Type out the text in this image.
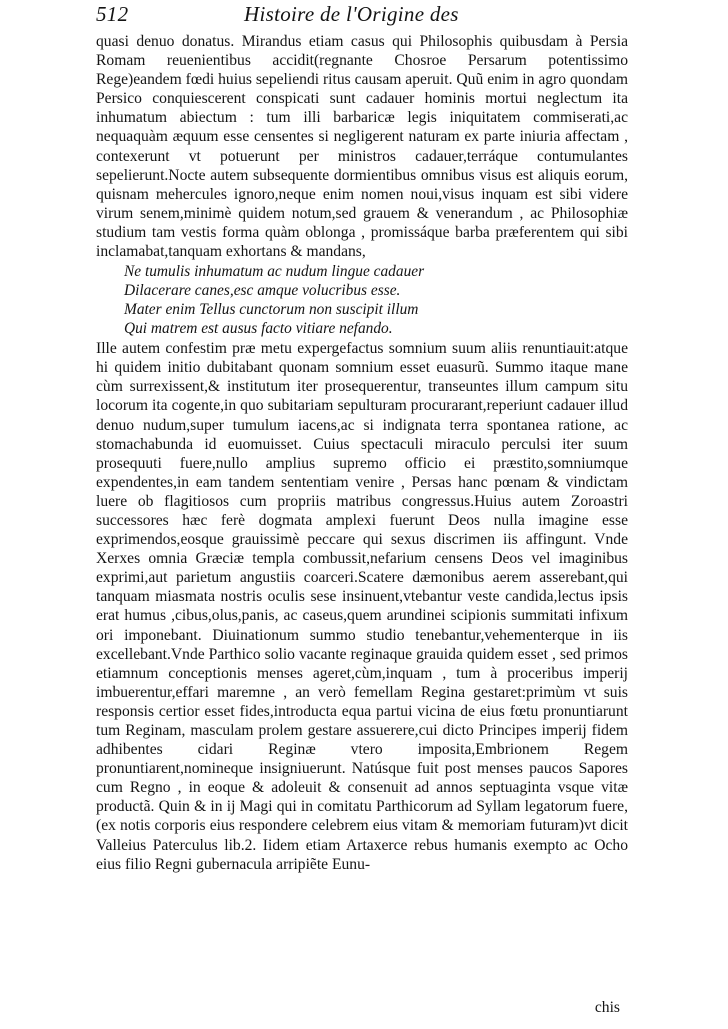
512	Histoire de l'Origine des

quasi denuo donatus. Mirandus etiam casus qui Philosophis quibusdam à Persia Romam reuenientibus accidit(regnante Chosroe Persarum potentissimo Rege)eandem fœdi huius sepeliendi ritus causam aperuit. Quũ enim in agro quondam Persico conquiescerent conspicati sunt cadauer hominis mortui neglectum ita inhumatum abiectum : tum illi barbaricæ legis iniquitatem commiserati,ac nequaquàm æquum esse censentes si negligerent naturam ex parte iniuria affectam , contexerunt vt potuerunt per ministros cadauer,terráque contumulantes sepelierunt.Nocte autem subsequente dormientibus omnibus visus est aliquis eorum, quisnam mehercules ignoro,neque enim nomen noui,visus inquam est sibi videre virum senem,minimè quidem notum,sed grauem & venerandum , ac Philosophiæ studium tam vestis forma quàm oblonga , promissáque barba præferentem qui sibi inclamabat,tanquam exhortans & mandans,

Ne tumulis inhumatum ac nudum lingue cadauer
Dilacerare canes,esc amque volucribus esse.
Mater enim Tellus cunctorum non suscipit illum
Qui matrem est ausus facto vitiare nefando.

Ille autem confestim præ metu expergefactus somnium suum aliis renuntiauit:atque hi quidem initio dubitabant quonam somnium esset euasurũ. Summo itaque mane cùm surrexissent,& institutum iter prosequerentur, transeuntes illum campum situ locorum ita cogente,in quo subitariam sepulturam procurarant,reperiunt cadauer illud denuo nudum,super tumulum iacens,ac si indignata terra spontanea ratione, ac stomachabunda id euomuisset. Cuius spectaculi miraculo perculsi iter suum prosequuti fuere,nullo amplius supremo officio ei præstito,somniumque expendentes,in eam tandem sententiam venire , Persas hanc pœnam & vindictam luere ob flagitiosos cum propriis matribus congressus.Huius autem Zoroastri successores hæc ferè dogmata amplexi fuerunt Deos nulla imagine esse exprimendos,eosque grauissimè peccare qui sexus discrimen iis affingunt. Vnde Xerxes omnia Græciæ templa combussit,nefarium censens Deos vel imaginibus exprimi,aut parietum angustiis coarceri.Scatere dæmonibus aerem asserebant,qui tanquam miasmata nostris oculis sese insinuent,vtebantur veste candida,lectus ipsis erat humus ,cibus,olus,panis, ac caseus,quem arundinei scipionis summitati infixum ori imponebant. Diuinationum summo studio tenebantur,vehementerque in iis excellebant.Vnde Parthico solio vacante reginaque grauida quidem esset , sed primos etiamnum conceptionis menses ageret,cùm,inquam , tum à proceribus imperij imbuerentur,effari maremne , an verò femellam Regina gestaret:primùm vt suis responsis certior esset fides,introducta equa partui vicina de eius fœtu pronuntiarunt tum Reginam, masculam prolem gestare assuerere,cui dicto Principes imperij fidem adhibentes cidari Reginæ vtero imposita,Embrionem Regem pronuntiarent,nomineque insigniuerunt. Natúsque fuit post menses paucos Sapores cum Regno , in eoque & adoleuit & consenuit ad annos septuaginta vsque vitæ productã. Quin & in ij Magi qui in comitatu Parthicorum ad Syllam legatorum fuere,(ex notis corporis eius respondere celebrem eius vitam & memoriam futuram)vt dicit Valleius Paterculus lib.2. Iidem etiam Artaxerce rebus humanis exempto ac Ocho eius filio Regni gubernacula arripiẽte Eunu-

chis
